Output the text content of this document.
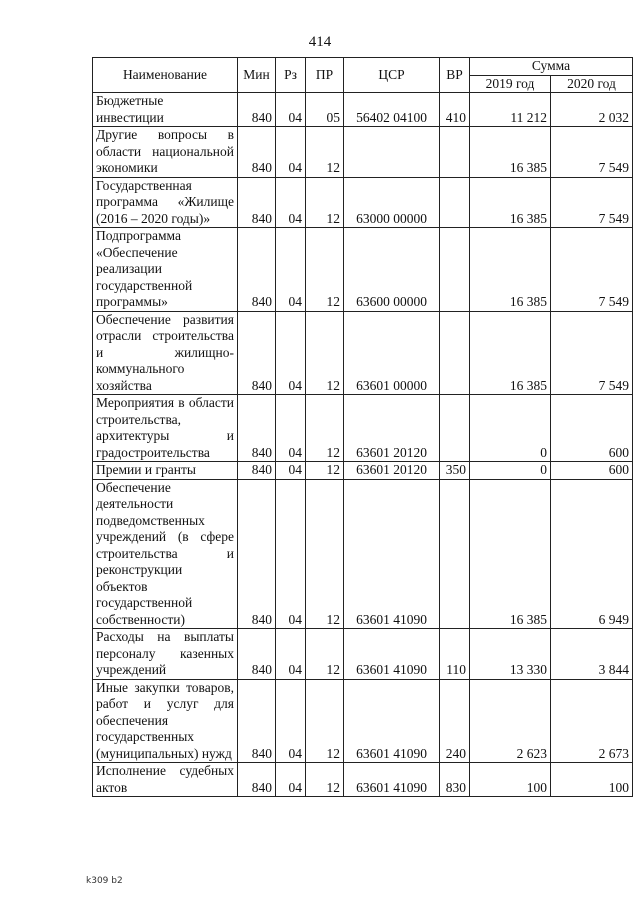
414
Наименование	Мин	Рз	ПР	ЦСР	ВР	Сумма	
						2019 год	2020 год
Бюджетные инвестиции	840	04	05	56402 04100	410	11 212	2 032
Другие вопросы в области национальной экономики	840	04	12			16 385	7 549
Государственная программа «Жилище (2016 – 2020 годы)»	840	04	12	63000 00000		16 385	7 549
Подпрограмма «Обеспечение реализации государственной программы»	840	04	12	63600 00000		16 385	7 549
Обеспечение развития отрасли строительства и жилищно-коммунального хозяйства	840	04	12	63601 00000		16 385	7 549
Мероприятия в области строительства, архитектуры и градостроительства	840	04	12	63601 20120		0	600
Премии и гранты	840	04	12	63601 20120	350	0	600
Обеспечение деятельности подведомственных учреждений (в сфере строительства и реконструкции объектов государственной собственности)	840	04	12	63601 41090		16 385	6 949
Расходы на выплаты персоналу казенных учреждений	840	04	12	63601 41090	110	13 330	3 844
Иные закупки товаров, работ и услуг для обеспечения государственных (муниципальных) нужд	840	04	12	63601 41090	240	2 623	2 673
Исполнение судебных актов	840	04	12	63601 41090	830	100	100
k309 b2
